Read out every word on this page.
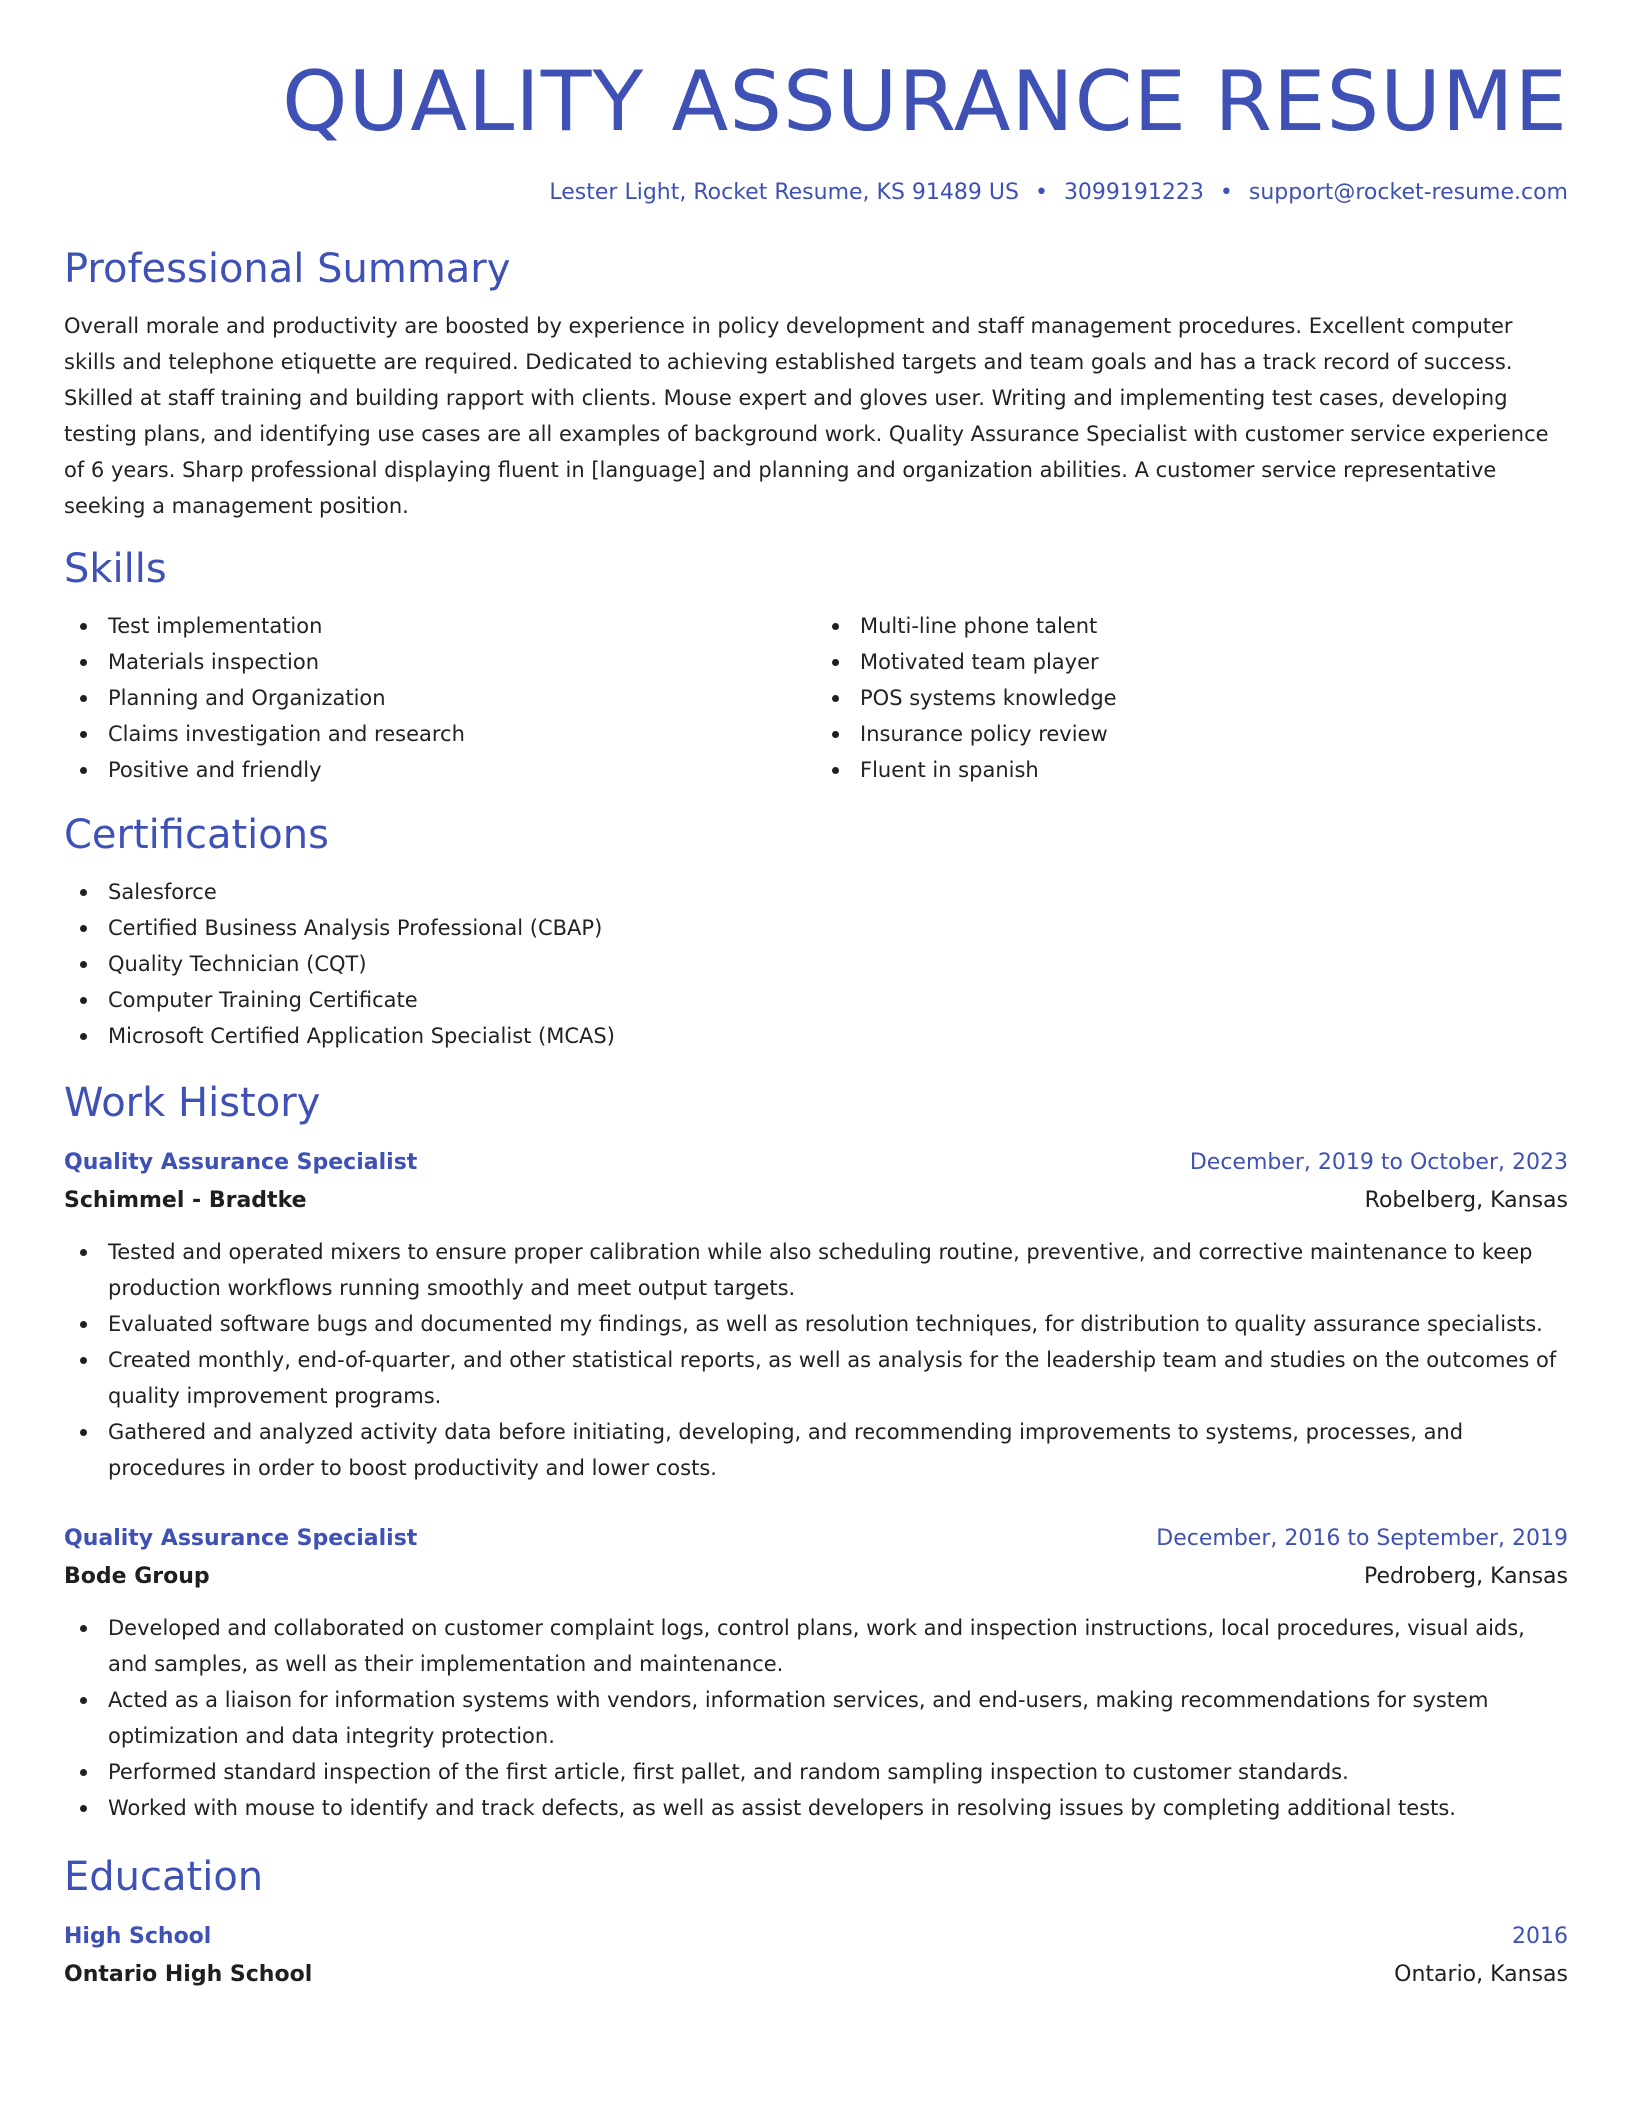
QUALITY ASSURANCE RESUME
Lester Light, Rocket Resume, KS 91489 US • 3099191223 • support@rocket-resume.com
Professional Summary
Overall morale and productivity are boosted by experience in policy development and staff management procedures. Excellent computer skills and telephone etiquette are required. Dedicated to achieving established targets and team goals and has a track record of success. Skilled at staff training and building rapport with clients. Mouse expert and gloves user. Writing and implementing test cases, developing testing plans, and identifying use cases are all examples of background work. Quality Assurance Specialist with customer service experience of 6 years. Sharp professional displaying fluent in [language] and planning and organization abilities. A customer service representative seeking a management position.
Skills
Test implementation
Materials inspection
Planning and Organization
Claims investigation and research
Positive and friendly
Multi-line phone talent
Motivated team player
POS systems knowledge
Insurance policy review
Fluent in spanish
Certifications
Salesforce
Certified Business Analysis Professional (CBAP)
Quality Technician (CQT)
Computer Training Certificate
Microsoft Certified Application Specialist (MCAS)
Work History
Quality Assurance Specialist	December, 2019 to October, 2023
Schimmel - Bradtke	Robelberg, Kansas
Tested and operated mixers to ensure proper calibration while also scheduling routine, preventive, and corrective maintenance to keep production workflows running smoothly and meet output targets.
Evaluated software bugs and documented my findings, as well as resolution techniques, for distribution to quality assurance specialists.
Created monthly, end-of-quarter, and other statistical reports, as well as analysis for the leadership team and studies on the outcomes of quality improvement programs.
Gathered and analyzed activity data before initiating, developing, and recommending improvements to systems, processes, and procedures in order to boost productivity and lower costs.
Quality Assurance Specialist	December, 2016 to September, 2019
Bode Group	Pedroberg, Kansas
Developed and collaborated on customer complaint logs, control plans, work and inspection instructions, local procedures, visual aids, and samples, as well as their implementation and maintenance.
Acted as a liaison for information systems with vendors, information services, and end-users, making recommendations for system optimization and data integrity protection.
Performed standard inspection of the first article, first pallet, and random sampling inspection to customer standards.
Worked with mouse to identify and track defects, as well as assist developers in resolving issues by completing additional tests.
Education
High School	2016
Ontario High School	Ontario, Kansas
